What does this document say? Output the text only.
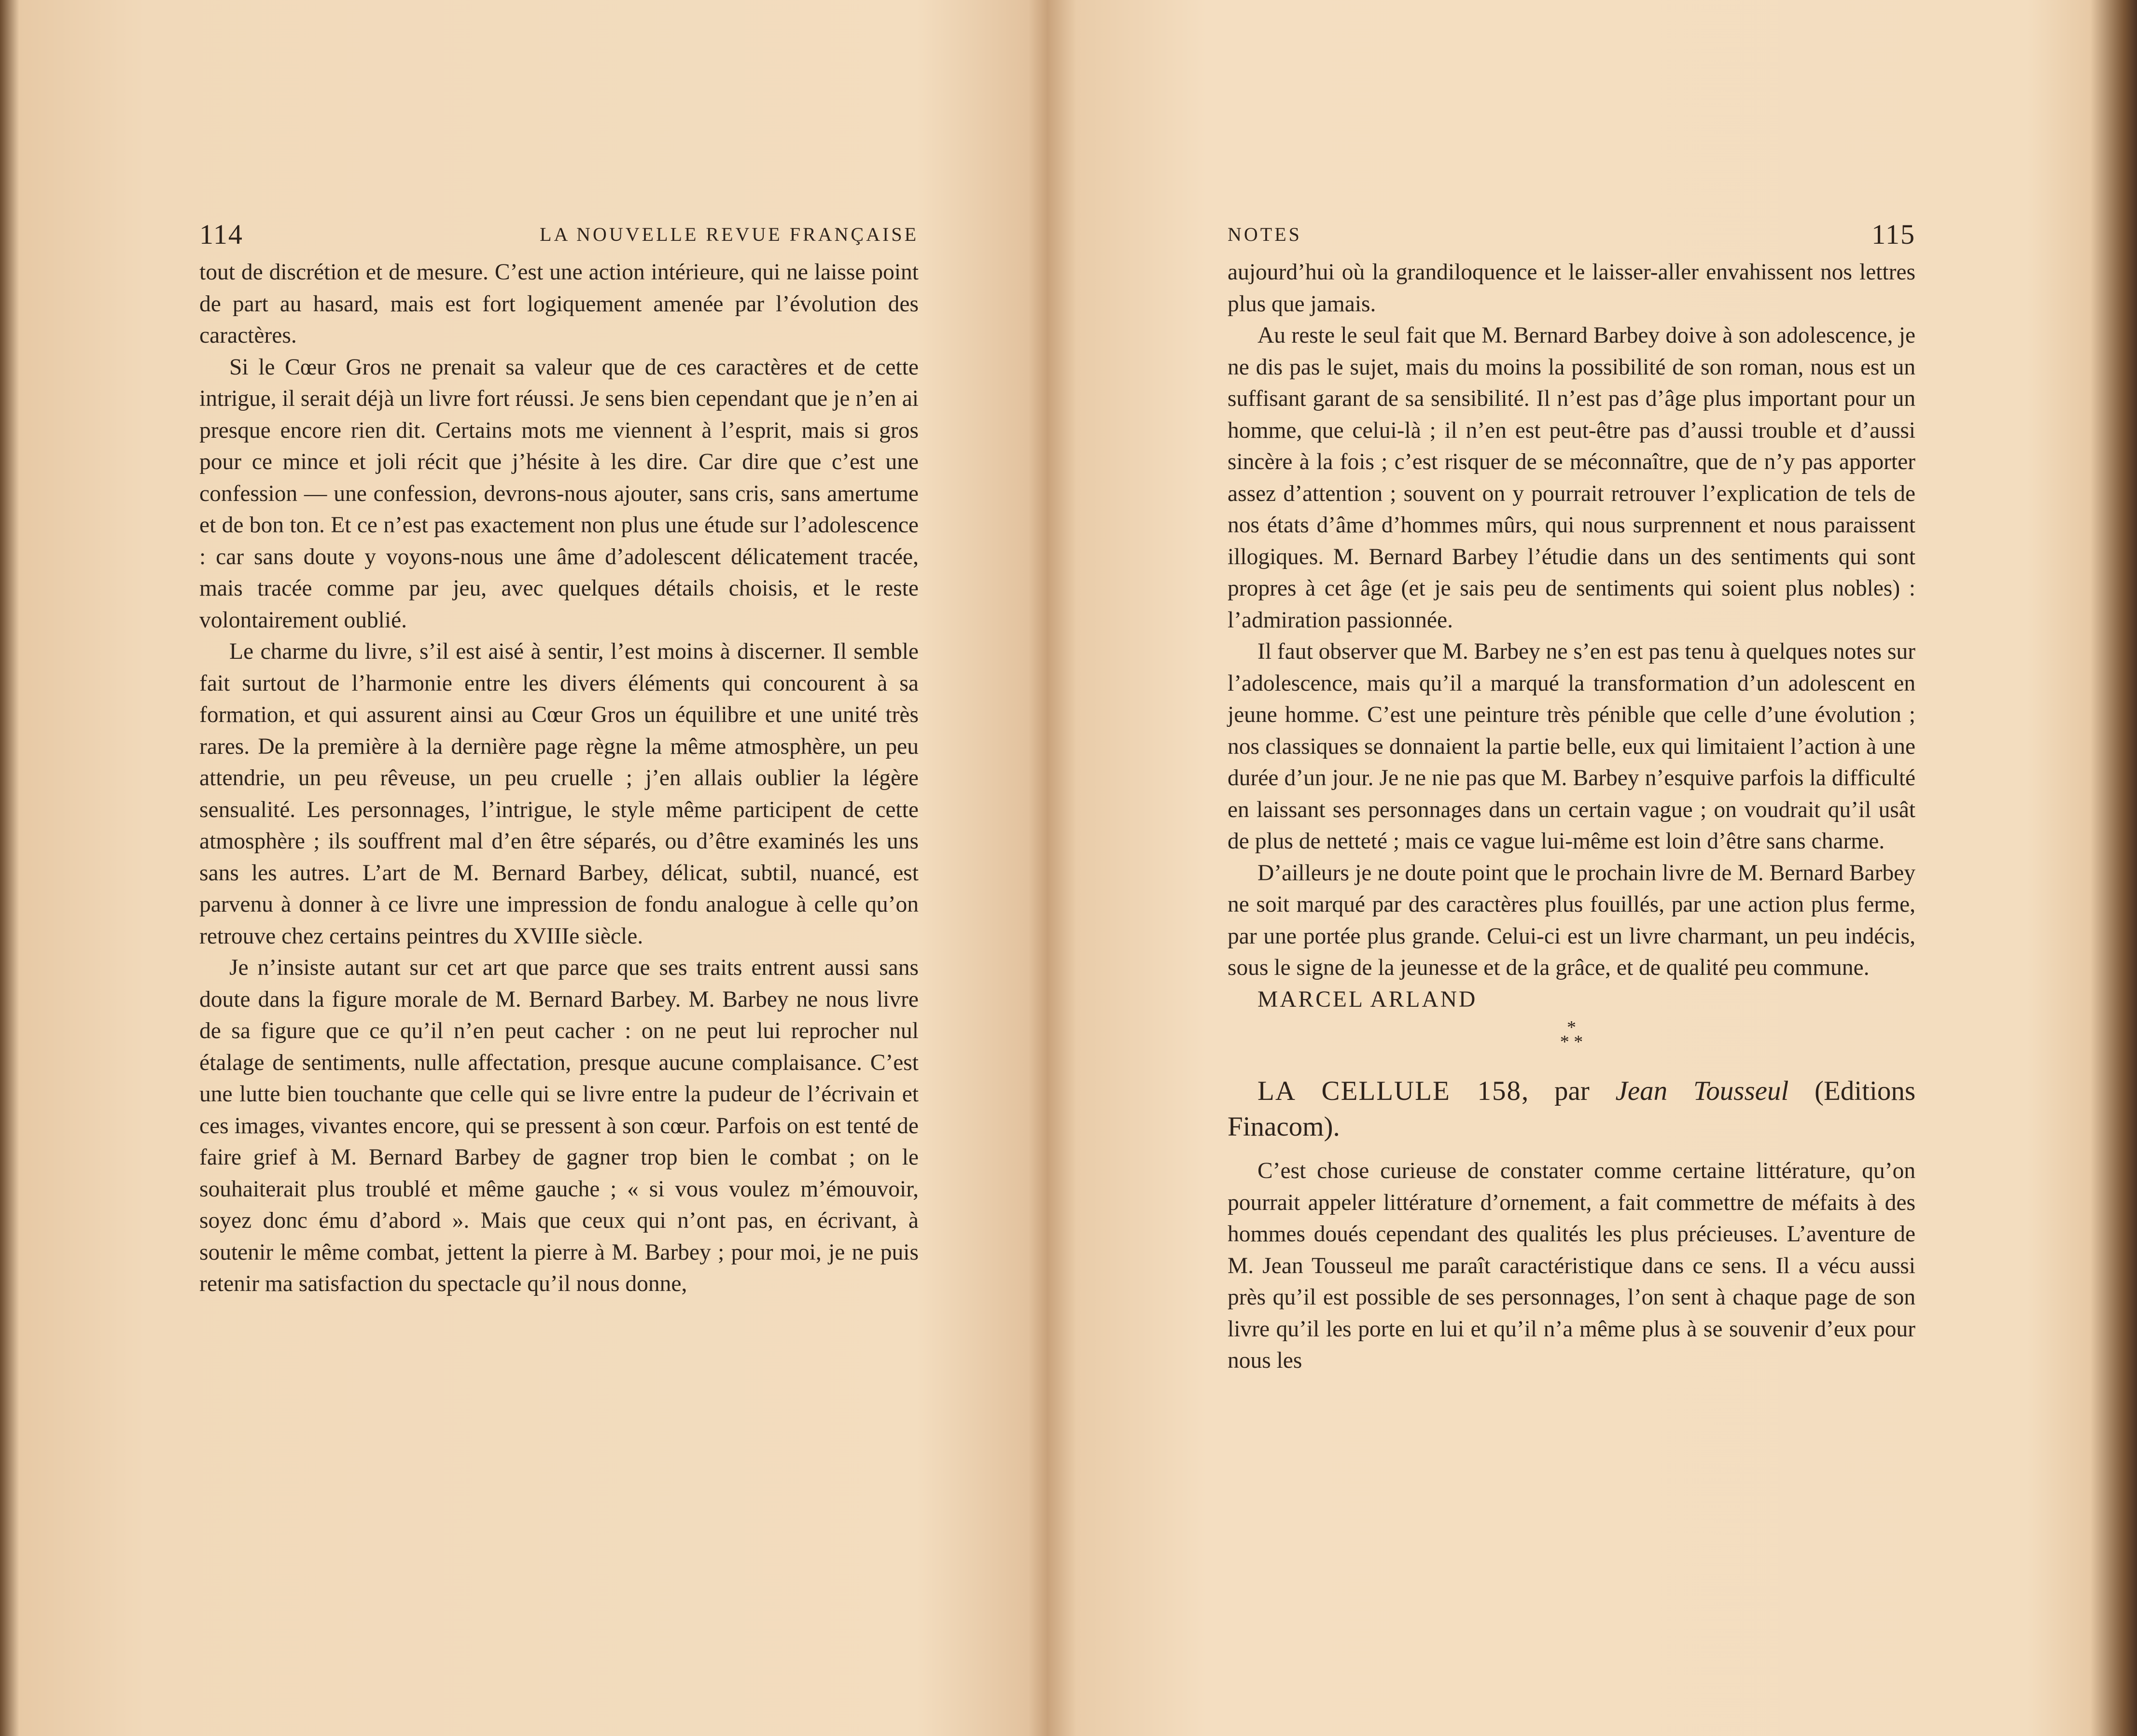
114	LA NOUVELLE REVUE FRANÇAISE

tout de discrétion et de mesure. C’est une action intérieure, qui ne laisse point de part au hasard, mais est fort logiquement amenée par l’évolution des caractères.

Si le Cœur Gros ne prenait sa valeur que de ces caractères et de cette intrigue, il serait déjà un livre fort réussi. Je sens bien cependant que je n’en ai presque encore rien dit. Certains mots me viennent à l’esprit, mais si gros pour ce mince et joli récit que j’hésite à les dire. Car dire que c’est une confession — une confession, devrons-nous ajouter, sans cris, sans amertume et de bon ton. Et ce n’est pas exactement non plus une étude sur l’adolescence : car sans doute y voyons-nous une âme d’adolescent délicatement tracée, mais tracée comme par jeu, avec quelques détails choisis, et le reste volontairement oublié.

Le charme du livre, s’il est aisé à sentir, l’est moins à discerner. Il semble fait surtout de l’harmonie entre les divers éléments qui concourent à sa formation, et qui assurent ainsi au Cœur Gros un équilibre et une unité très rares. De la première à la dernière page règne la même atmosphère, un peu attendrie, un peu rêveuse, un peu cruelle ; j’en allais oublier la légère sensualité. Les personnages, l’intrigue, le style même participent de cette atmosphère ; ils souffrent mal d’en être séparés, ou d’être examinés les uns sans les autres. L’art de M. Bernard Barbey, délicat, subtil, nuancé, est parvenu à donner à ce livre une impression de fondu analogue à celle qu’on retrouve chez certains peintres du XVIIIe siècle.

Je n’insiste autant sur cet art que parce que ses traits entrent aussi sans doute dans la figure morale de M. Bernard Barbey. M. Barbey ne nous livre de sa figure que ce qu’il n’en peut cacher : on ne peut lui reprocher nul étalage de sentiments, nulle affectation, presque aucune complaisance. C’est une lutte bien touchante que celle qui se livre entre la pudeur de l’écrivain et ces images, vivantes encore, qui se pressent à son cœur. Parfois on est tenté de faire grief à M. Bernard Barbey de gagner trop bien le combat ; on le souhaiterait plus troublé et même gauche ; « si vous voulez m’émouvoir, soyez donc ému d’abord ». Mais que ceux qui n’ont pas, en écrivant, à soutenir le même combat, jettent la pierre à M. Barbey ; pour moi, je ne puis retenir ma satisfaction du spectacle qu’il nous donne,

NOTES	115

aujourd’hui où la grandiloquence et le laisser-aller envahissent nos lettres plus que jamais.

Au reste le seul fait que M. Bernard Barbey doive à son adolescence, je ne dis pas le sujet, mais du moins la possibilité de son roman, nous est un suffisant garant de sa sensibilité. Il n’est pas d’âge plus important pour un homme, que celui-là ; il n’en est peut-être pas d’aussi trouble et d’aussi sincère à la fois ; c’est risquer de se méconnaître, que de n’y pas apporter assez d’attention ; souvent on y pourrait retrouver l’explication de tels de nos états d’âme d’hommes mûrs, qui nous surprennent et nous paraissent illogiques. M. Bernard Barbey l’étudie dans un des sentiments qui sont propres à cet âge (et je sais peu de sentiments qui soient plus nobles) : l’admiration passionnée.

Il faut observer que M. Barbey ne s’en est pas tenu à quelques notes sur l’adolescence, mais qu’il a marqué la transformation d’un adolescent en jeune homme. C’est une peinture très pénible que celle d’une évolution ; nos classiques se donnaient la partie belle, eux qui limitaient l’action à une durée d’un jour. Je ne nie pas que M. Barbey n’esquive parfois la difficulté en laissant ses personnages dans un certain vague ; on voudrait qu’il usât de plus de netteté ; mais ce vague lui-même est loin d’être sans charme.

D’ailleurs je ne doute point que le prochain livre de M. Bernard Barbey ne soit marqué par des caractères plus fouillés, par une action plus ferme, par une portée plus grande. Celui-ci est un livre charmant, un peu indécis, sous le signe de la jeunesse et de la grâce, et de qualité peu commune.

MARCEL ARLAND

*
* *
LA CELLULE 158, par Jean Tousseul (Editions Finacom).

C’est chose curieuse de constater comme certaine littérature, qu’on pourrait appeler littérature d’ornement, a fait commettre de méfaits à des hommes doués cependant des qualités les plus précieuses. L’aventure de M. Jean Tousseul me paraît caractéristique dans ce sens. Il a vécu aussi près qu’il est possible de ses personnages, l’on sent à chaque page de son livre qu’il les porte en lui et qu’il n’a même plus à se souvenir d’eux pour nous les
